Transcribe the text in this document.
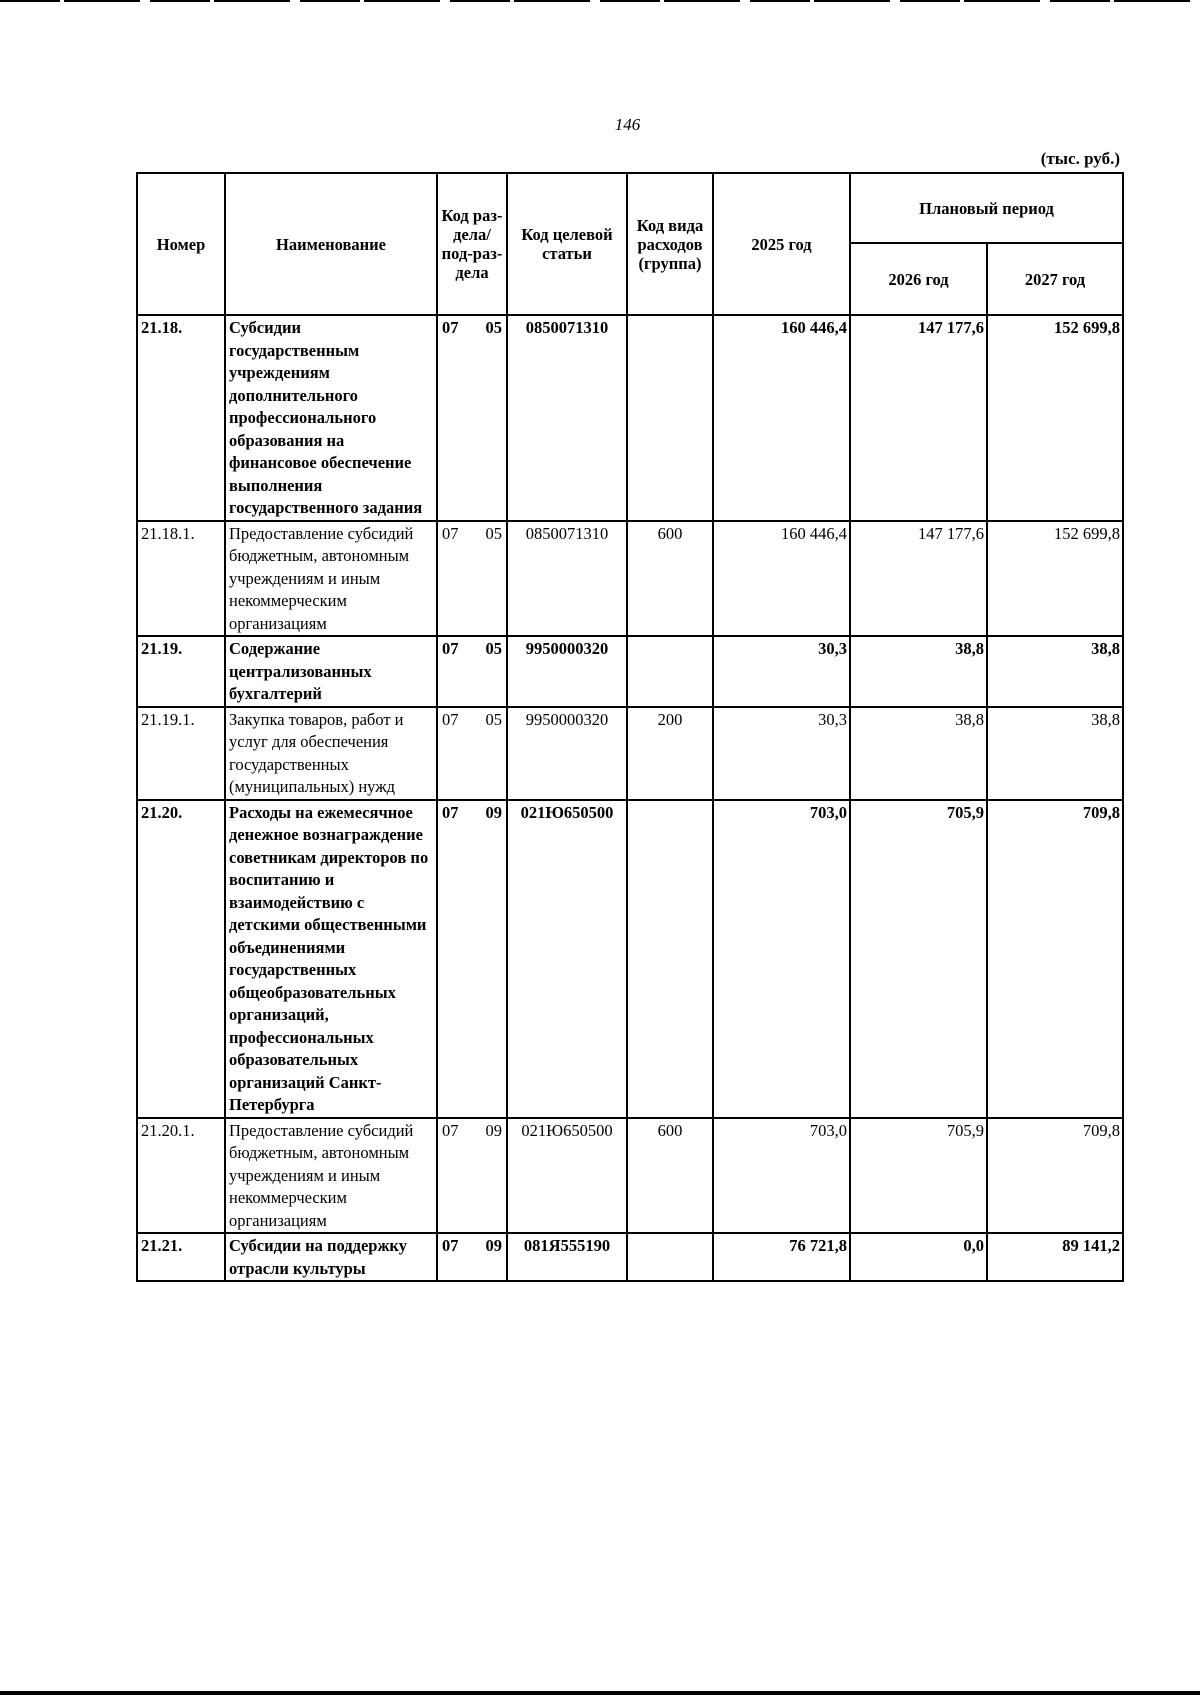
146
(тыс. руб.)
Номер	Наименование	Код раз-дела/ под-раз-дела	Код целевой статьи	Код вида расходов (группа)	2025 год	Плановый период	
						2026 год	2027 год
21.18.	Субсидии государственным учреждениям дополнительного профессионального образования на финансовое обеспечение выполнения государственного задания	07 05	0850071310		160 446,4	147 177,6	152 699,8
21.18.1.	Предоставление субсидий бюджетным, автономным учреждениям и иным некоммерческим организациям	07 05	0850071310	600	160 446,4	147 177,6	152 699,8
21.19.	Содержание централизованных бухгалтерий	07 05	9950000320		30,3	38,8	38,8
21.19.1.	Закупка товаров, работ и услуг для обеспечения государственных (муниципальных) нужд	07 05	9950000320	200	30,3	38,8	38,8
21.20.	Расходы на ежемесячное денежное вознаграждение советникам директоров по воспитанию и взаимодействию с детскими общественными объединениями государственных общеобразовательных организаций, профессиональных образовательных организаций Санкт-Петербурга	07 09	021Ю650500		703,0	705,9	709,8
21.20.1.	Предоставление субсидий бюджетным, автономным учреждениям и иным некоммерческим организациям	07 09	021Ю650500	600	703,0	705,9	709,8
21.21.	Субсидии на поддержку отрасли культуры	07 09	081Я555190		76 721,8	0,0	89 141,2
